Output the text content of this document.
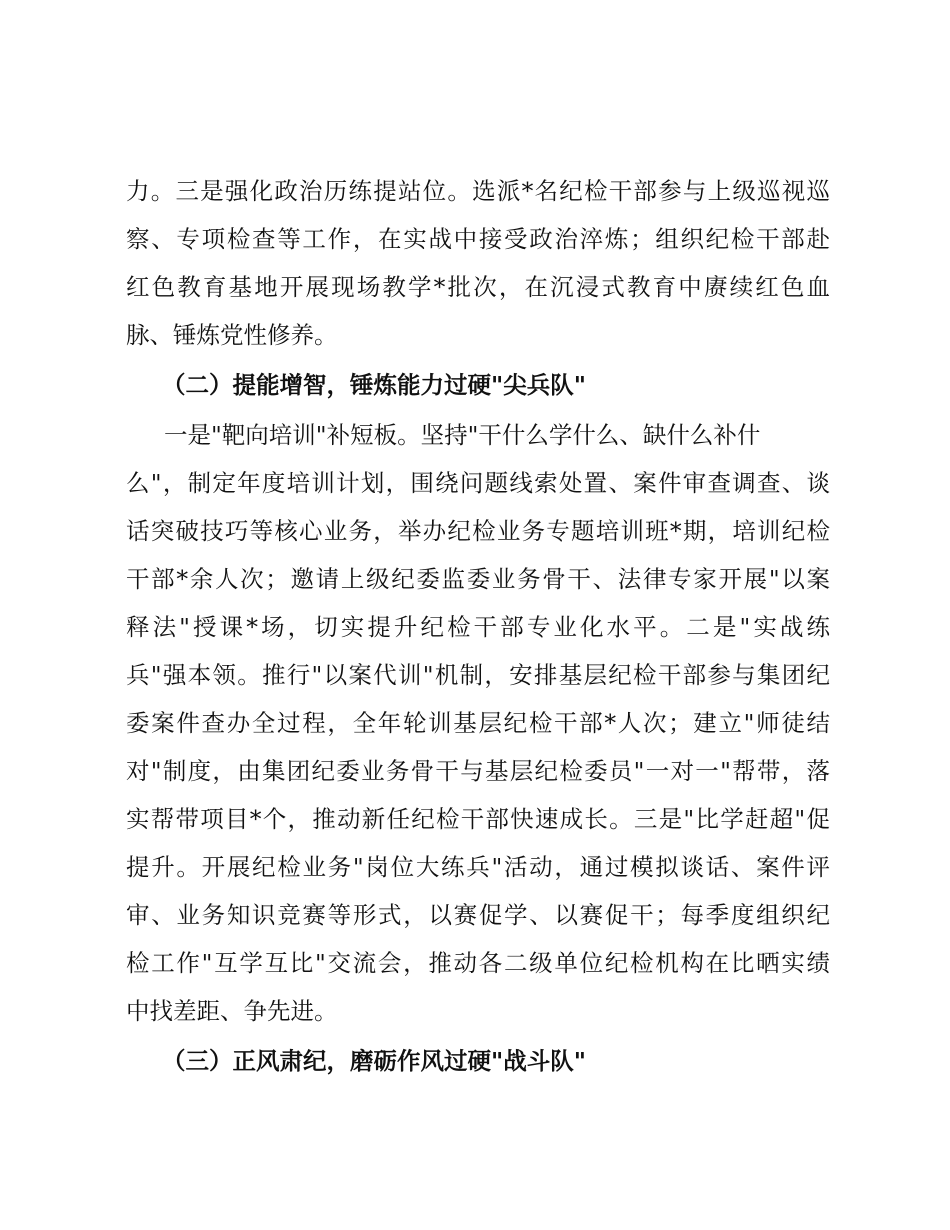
力。三是强化政治历练提站位。选派*名纪检干部参与上级巡视巡
察、专项检查等工作，在实战中接受政治淬炼；组织纪检干部赴
红色教育基地开展现场教学*批次，在沉浸式教育中赓续红色血
脉、锤炼党性修养。
（二）提能增智，锤炼能力过硬"尖兵队"
一是"靶向培训"补短板。坚持"干什么学什么、缺什么补什
么"，制定年度培训计划，围绕问题线索处置、案件审查调查、谈
话突破技巧等核心业务，举办纪检业务专题培训班*期，培训纪检
干部*余人次；邀请上级纪委监委业务骨干、法律专家开展"以案
释法"授课*场，切实提升纪检干部专业化水平。二是"实战练
兵"强本领。推行"以案代训"机制，安排基层纪检干部参与集团纪
委案件查办全过程，全年轮训基层纪检干部*人次；建立"师徒结
对"制度，由集团纪委业务骨干与基层纪检委员"一对一"帮带，落
实帮带项目*个，推动新任纪检干部快速成长。三是"比学赶超"促
提升。开展纪检业务"岗位大练兵"活动，通过模拟谈话、案件评
审、业务知识竞赛等形式，以赛促学、以赛促干；每季度组织纪
检工作"互学互比"交流会，推动各二级单位纪检机构在比晒实绩
中找差距、争先进。
（三）正风肃纪，磨砺作风过硬"战斗队"
